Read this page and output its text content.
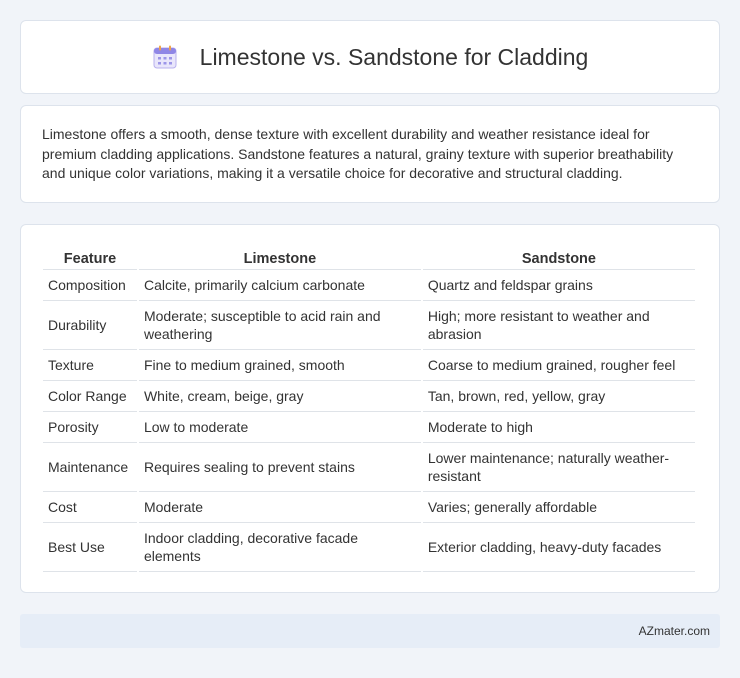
Limestone vs. Sandstone for Cladding

Limestone offers a smooth, dense texture with excellent durability and weather resistance ideal for premium cladding applications. Sandstone features a natural, grainy texture with superior breathability and unique color variations, making it a versatile choice for decorative and structural cladding.

Feature	Limestone	Sandstone
Composition	Calcite, primarily calcium carbonate	Quartz and feldspar grains
Durability	Moderate; susceptible to acid rain and weathering	High; more resistant to weather and abrasion
Texture	Fine to medium grained, smooth	Coarse to medium grained, rougher feel
Color Range	White, cream, beige, gray	Tan, brown, red, yellow, gray
Porosity	Low to moderate	Moderate to high
Maintenance	Requires sealing to prevent stains	Lower maintenance; naturally weather-resistant
Cost	Moderate	Varies; generally affordable
Best Use	Indoor cladding, decorative facade elements	Exterior cladding, heavy-duty facades
AZmater.com
